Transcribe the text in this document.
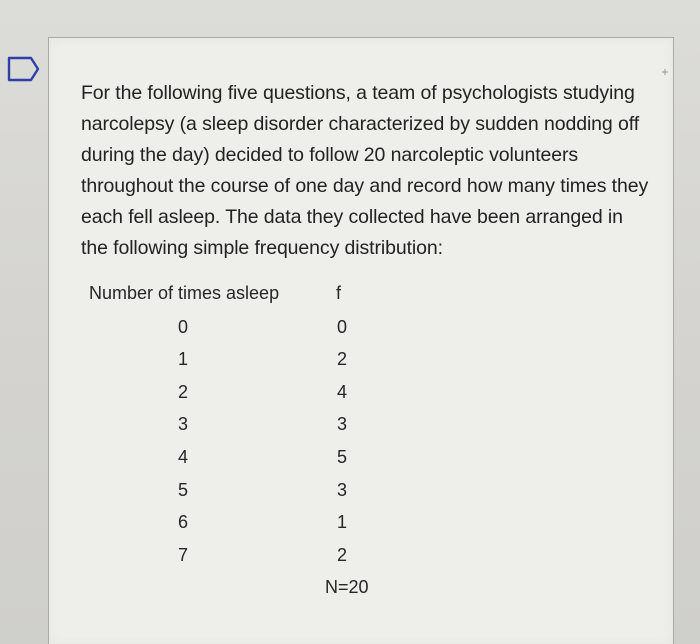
For the following five questions, a team of psychologists studying narcolepsy (a sleep disorder characterized by sudden nodding off during the day) decided to follow 20 narcoleptic volunteers throughout the course of one day and record how many times they each fell asleep. The data they collected have been arranged in the following simple frequency distribution:

Number of times asleep	f
0	0
1	2
2	4
3	3
4	5
5	3
6	1
7	2
N=20
